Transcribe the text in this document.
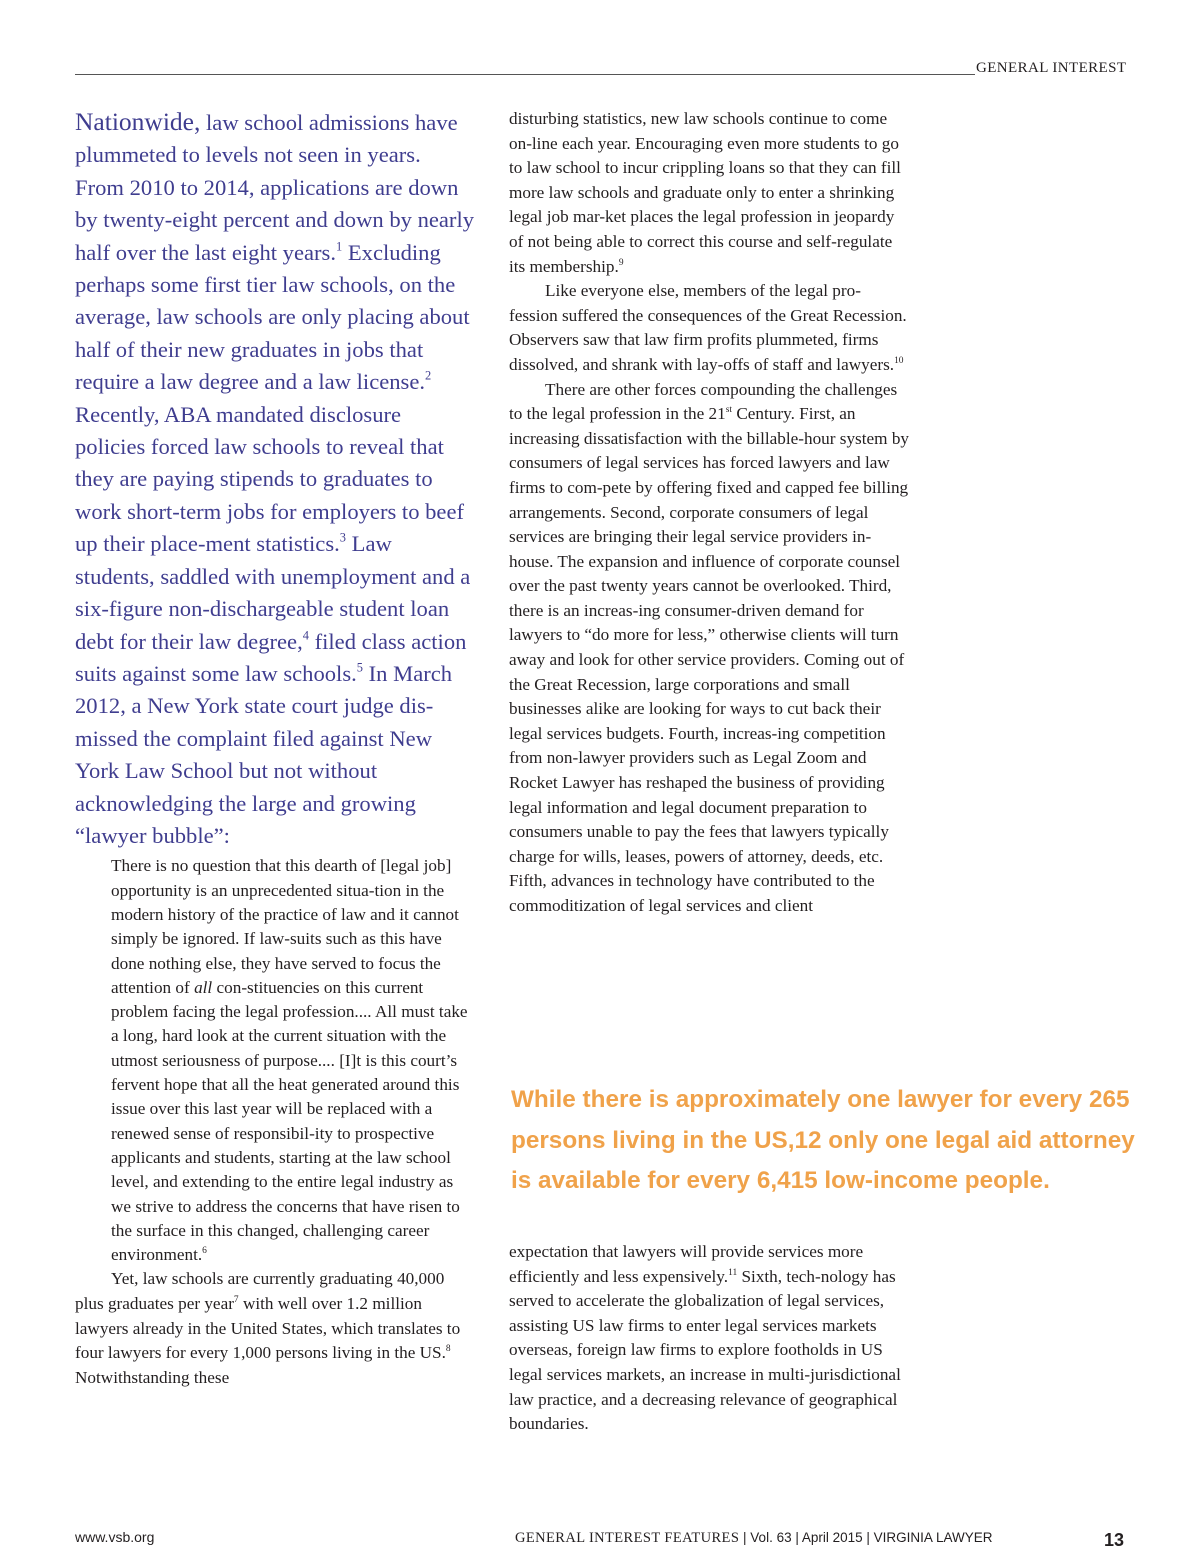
GENERAL INTEREST

Nationwide, law school admissions have plummeted to levels not seen in years. From 2010 to 2014, applications are down by twenty-eight percent and down by nearly half over the last eight years.$^1$ Excluding perhaps some first tier law schools, on the average, law schools are only placing about half of their new graduates in jobs that require a law degree and a law license.$^2$ Recently, ABA mandated disclosure policies forced law schools to reveal that they are paying stipends to graduates to work short-term jobs for employers to beef up their place-ment statistics.$^3$ Law students, saddled with unemployment and a six-figure non-dischargeable student loan debt for their law degree,$^4$ filed class action suits against some law schools.$^5$ In March 2012, a New York state court judge dis-missed the complaint filed against New York Law School but not without acknowledging the large and growing “lawyer bubble”:

There is no question that this dearth of [legal job] opportunity is an unprecedented situa-tion in the modern history of the practice of law and it cannot simply be ignored. If law-suits such as this have done nothing else, they have served to focus the attention of all con-stituencies on this current problem facing the legal profession.... All must take a long, hard look at the current situation with the utmost seriousness of purpose.... [I]t is this court’s fervent hope that all the heat generated around this issue over this last year will be replaced with a renewed sense of responsibil-ity to prospective applicants and students, starting at the law school level, and extending to the entire legal industry as we strive to address the concerns that have risen to the surface in this changed, challenging career environment.$^6$

Yet, law schools are currently graduating 40,000 plus graduates per year$^7$ with well over 1.2 million lawyers already in the United States, which translates to four lawyers for every 1,000 persons living in the US.$^8$ Notwithstanding these

disturbing statistics, new law schools continue to come on-line each year. Encouraging even more students to go to law school to incur crippling loans so that they can fill more law schools and graduate only to enter a shrinking legal job mar-ket places the legal profession in jeopardy of not being able to correct this course and self-regulate its membership.$^9$

Like everyone else, members of the legal pro-fession suffered the consequences of the Great Recession. Observers saw that law firm profits plummeted, firms dissolved, and shrank with lay-offs of staff and lawyers.$^{10}$

There are other forces compounding the challenges to the legal profession in the 21st Century. First, an increasing dissatisfaction with the billable-hour system by consumers of legal services has forced lawyers and law firms to com-pete by offering fixed and capped fee billing arrangements. Second, corporate consumers of legal services are bringing their legal service providers in-house. The expansion and influence of corporate counsel over the past twenty years cannot be overlooked. Third, there is an increas-ing consumer-driven demand for lawyers to “do more for less,” otherwise clients will turn away and look for other service providers. Coming out of the Great Recession, large corporations and small businesses alike are looking for ways to cut back their legal services budgets. Fourth, increas-ing competition from non-lawyer providers such as Legal Zoom and Rocket Lawyer has reshaped the business of providing legal information and legal document preparation to consumers unable to pay the fees that lawyers typically charge for wills, leases, powers of attorney, deeds, etc. Fifth, advances in technology have contributed to the commoditization of legal services and client

While there is approximately one lawyer for every 265
persons living in the US,12 only one legal aid attorney
is available for every 6,415 low-income people.

expectation that lawyers will provide services more efficiently and less expensively.$^{11}$ Sixth, tech-nology has served to accelerate the globalization of legal services, assisting US law firms to enter legal services markets overseas, foreign law firms to explore footholds in US legal services markets, an increase in multi-jurisdictional law practice, and a decreasing relevance of geographical boundaries.

www.vsb.org	GENERAL INTEREST FEATURES | Vol. 63 | April 2015 | VIRGINIA LAWYER	13
